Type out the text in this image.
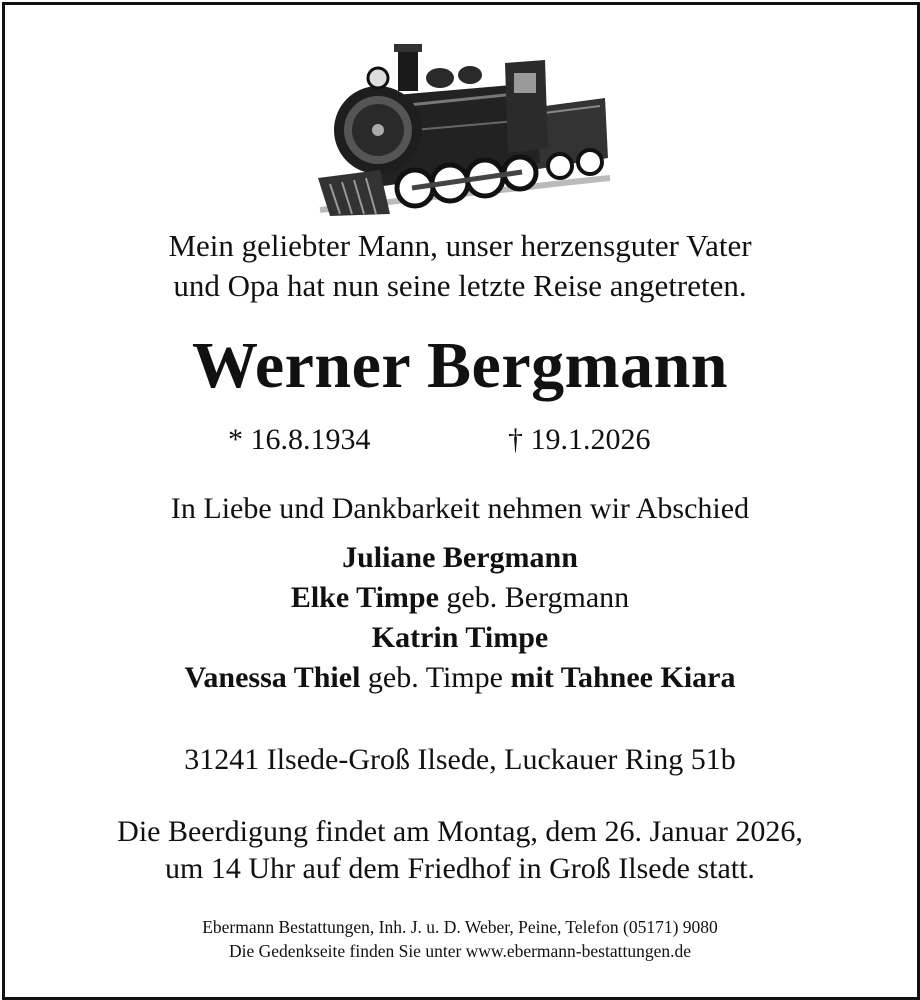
Mein geliebter Mann, unser herzensguter Vater
und Opa hat nun seine letzte Reise angetreten.
Werner Bergmann
* 16.8.1934	† 19.1.2026
In Liebe und Dankbarkeit nehmen wir Abschied
Juliane Bergmann
Elke Timpe geb. Bergmann
Katrin Timpe
Vanessa Thiel geb. Timpe mit Tahnee Kiara
31241 Ilsede-Groß Ilsede, Luckauer Ring 51b
Die Beerdigung findet am Montag, dem 26. Januar 2026,
um 14 Uhr auf dem Friedhof in Groß Ilsede statt.
Ebermann Bestattungen, Inh. J. u. D. Weber, Peine, Telefon (05171) 9080
Die Gedenkseite finden Sie unter www.ebermann-bestattungen.de
